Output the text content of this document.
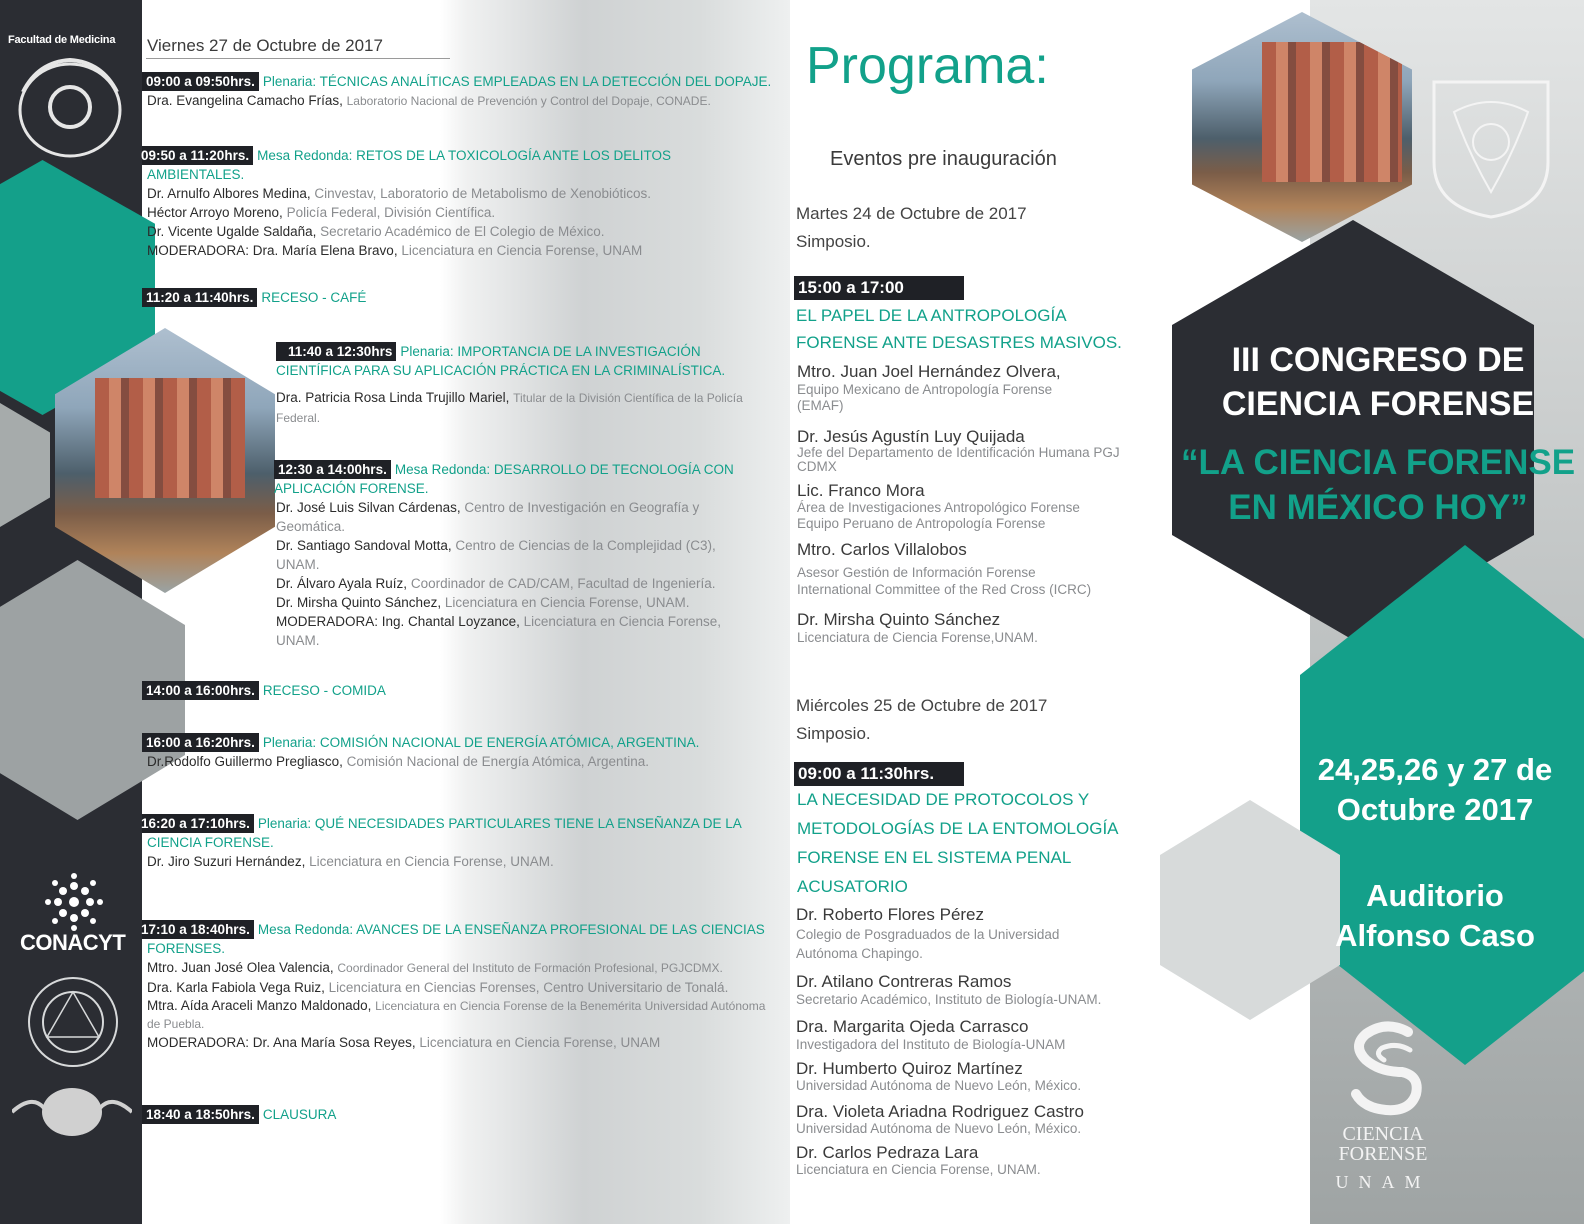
Facultad de Medicina
CONACYT
Viernes 27 de Octubre de 2017
09:00 a 09:50hrs. Plenaria: TÉCNICAS ANALÍTICAS EMPLEADAS EN LA DETECCIÓN DEL DOPAJE.
Dra. Evangelina Camacho Frías, Laboratorio Nacional de Prevención y Control del Dopaje, CONADE.
09:50 a 11:20hrs. Mesa Redonda: RETOS DE LA TOXICOLOGÍA ANTE LOS DELITOS AMBIENTALES.
Dr. Arnulfo Albores Medina, Cinvestav, Laboratorio de Metabolismo de Xenobióticos.
Héctor Arroyo Moreno, Policía Federal, División Científica.
Dr. Vicente Ugalde Saldaña, Secretario Académico de El Colegio de México.
MODERADORA: Dra. María Elena Bravo, Licenciatura en Ciencia Forense, UNAM
11:20 a 11:40hrs. RECESO - CAFÉ
11:40 a 12:30hrs Plenaria: IMPORTANCIA DE LA INVESTIGACIÓN CIENTÍFICA PARA SU APLICACIÓN PRÁCTICA EN LA CRIMINALÍSTICA.
Dra. Patricia Rosa Linda Trujillo Mariel, Titular de la División Científica de la Policía Federal.
12:30 a 14:00hrs. Mesa Redonda: DESARROLLO DE TECNOLOGÍA CON APLICACIÓN FORENSE.
Dr. José Luis Silvan Cárdenas, Centro de Investigación en Geografía y Geomática.
Dr. Santiago Sandoval Motta, Centro de Ciencias de la Complejidad (C3), UNAM.
Dr. Álvaro Ayala Ruíz, Coordinador de CAD/CAM, Facultad de Ingeniería.
Dr. Mirsha Quinto Sánchez, Licenciatura en Ciencia Forense, UNAM.
MODERADORA: Ing. Chantal Loyzance, Licenciatura en Ciencia Forense, UNAM.
14:00 a 16:00hrs. RECESO - COMIDA
16:00 a 16:20hrs. Plenaria: COMISIÓN NACIONAL DE ENERGÍA ATÓMICA, ARGENTINA.
Dr.Rodolfo Guillermo Pregliasco, Comisión Nacional de Energía Atómica, Argentina.
16:20 a 17:10hrs. Plenaria: QUÉ NECESIDADES PARTICULARES TIENE LA ENSEÑANZA DE LA CIENCIA FORENSE.
Dr. Jiro Suzuri Hernández, Licenciatura en Ciencia Forense, UNAM.
17:10 a 18:40hrs. Mesa Redonda: AVANCES DE LA ENSEÑANZA PROFESIONAL DE LAS CIENCIAS FORENSES.
Mtro. Juan José Olea Valencia, Coordinador General del Instituto de Formación Profesional, PGJCDMX.
Dra. Karla Fabiola Vega Ruiz, Licenciatura en Ciencias Forenses, Centro Universitario de Tonalá.
Mtra. Aída Araceli Manzo Maldonado, Licenciatura en Ciencia Forense de la Benemérita Universidad Autónoma de Puebla.
MODERADORA: Dr. Ana María Sosa Reyes, Licenciatura en Ciencia Forense, UNAM
18:40 a 18:50hrs. CLAUSURA
Programa:
Eventos pre inauguración
Martes 24 de Octubre de 2017
Simposio.
15:00 a 17:00
EL PAPEL DE LA ANTROPOLOGÍA
FORENSE ANTE DESASTRES MASIVOS.
Mtro. Juan Joel Hernández Olvera,
Equipo Mexicano de Antropología Forense
(EMAF)
Dr. Jesús Agustín Luy Quijada
Jefe del Departamento de Identificación Humana PGJ
CDMX
Lic. Franco Mora
Área de Investigaciones Antropológico Forense
Equipo Peruano de Antropología Forense
Mtro. Carlos Villalobos
Asesor Gestión de Información Forense
International Committee of the Red Cross (ICRC)
Dr. Mirsha Quinto Sánchez
Licenciatura de Ciencia Forense,UNAM.
Miércoles 25 de Octubre de 2017
Simposio.
09:00 a 11:30hrs.
LA NECESIDAD DE PROTOCOLOS Y
METODOLOGÍAS DE LA ENTOMOLOGÍA
FORENSE EN EL SISTEMA PENAL
ACUSATORIO
Dr. Roberto Flores Pérez
Colegio de Posgraduados de la Universidad
Autónoma Chapingo.
Dr. Atilano Contreras Ramos
Secretario Académico, Instituto de Biología-UNAM.
Dra. Margarita Ojeda Carrasco
Investigadora del Instituto de Biología-UNAM
Dr. Humberto Quiroz Martínez
Universidad Autónoma de Nuevo León, México.
Dra. Violeta Ariadna Rodriguez Castro
Universidad Autónoma de Nuevo León, México.
Dr. Carlos Pedraza Lara
Licenciatura en Ciencia Forense, UNAM.
III CONGRESO DE
CIENCIA FORENSE
“LA CIENCIA FORENSE
EN MÉXICO HOY”
24,25,26 y 27 de
Octubre 2017
Auditorio
Alfonso Caso
CIENCIA
FORENSE
UNAM
